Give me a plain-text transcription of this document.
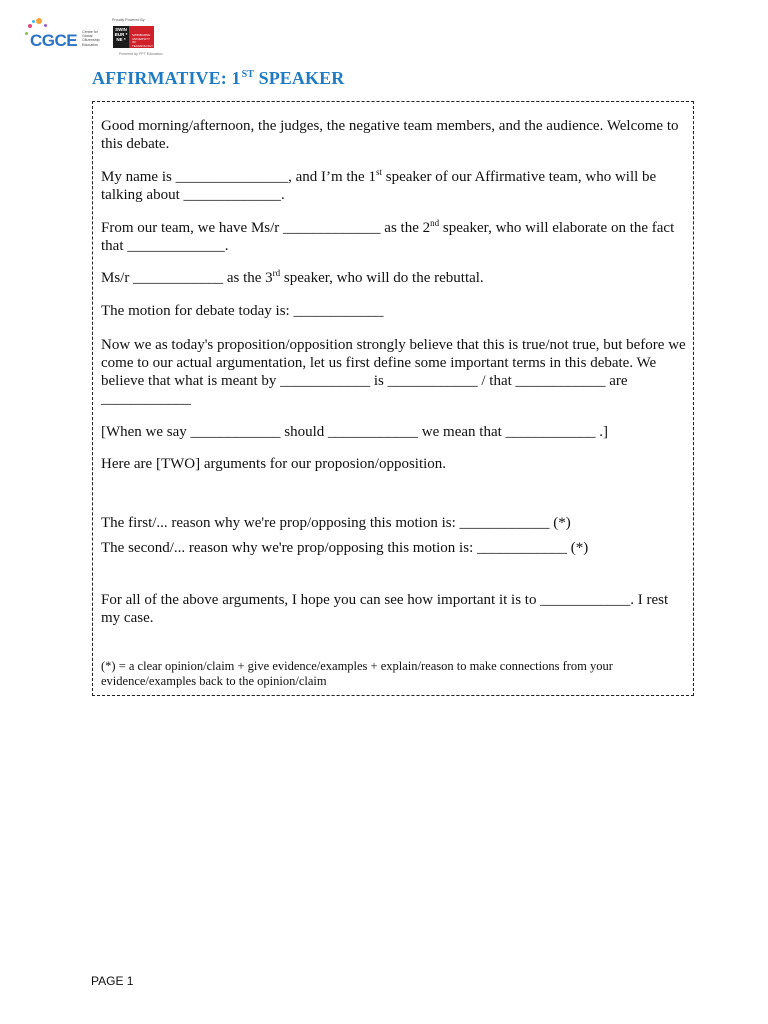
CGCE Centre for Global Citizenship Education
Proudly Powered By
SWIN BUR * NE *
SWINBURNE UNIVERSITY OF TECHNOLOGY
Powered by FPT Education
AFFIRMATIVE: 1ST SPEAKER

Good morning/afternoon, the judges, the negative team members, and the audience. Welcome to this debate.

My name is _______________, and I’m the 1st speaker of our Affirmative team, who will be talking about _____________.

From our team, we have Ms/r _____________ as the 2nd speaker, who will elaborate on the fact that _____________.

Ms/r ____________ as the 3rd speaker, who will do the rebuttal.

The motion for debate today is: ____________

Now we as today's proposition/opposition strongly believe that this is true/not true, but before we come to our actual argumentation, let us first define some important terms in this debate. We believe that what is meant by ____________ is ____________ / that ____________ are ____________

[When we say ____________ should ____________ we mean that ____________ .]

Here are [TWO] arguments for our proposion/opposition.

The first/... reason why we're prop/opposing this motion is: ____________ (*)

The second/... reason why we're prop/opposing this motion is: ____________ (*)

For all of the above arguments, I hope you can see how important it is to ____________. I rest my case.

(*) = a clear opinion/claim + give evidence/examples + explain/reason to make connections from your evidence/examples back to the opinion/claim

PAGE 1
